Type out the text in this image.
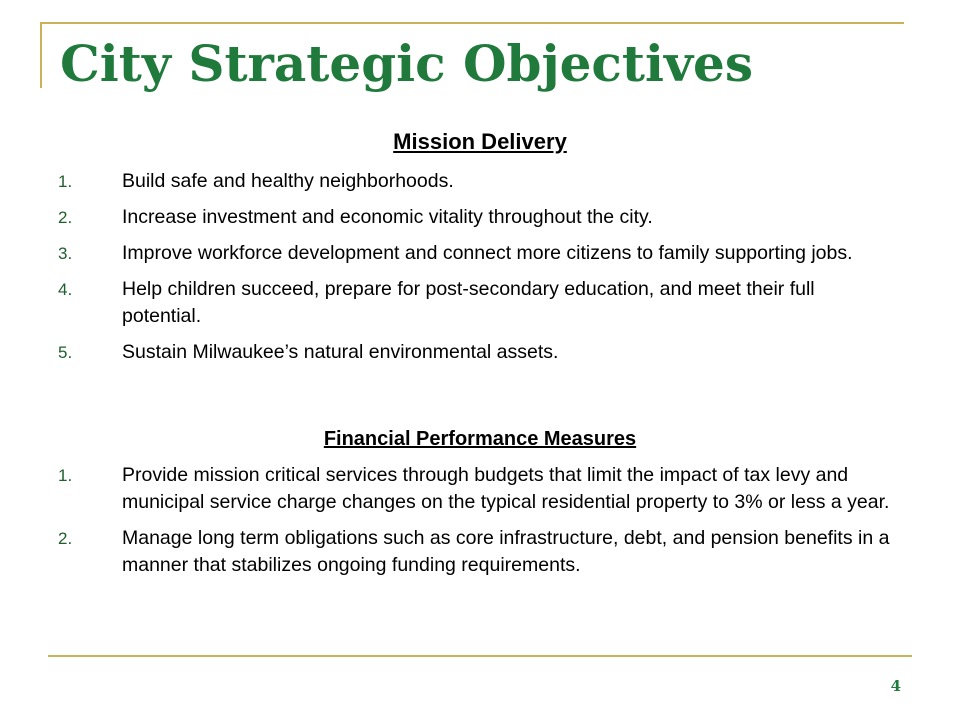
City Strategic Objectives
Mission Delivery
1.	Build safe and healthy neighborhoods.
2.	Increase investment and economic vitality throughout the city.
3.	Improve workforce development and connect more citizens to family supporting jobs.
4.	Help children succeed, prepare for post-secondary education, and meet their full potential.
5.	Sustain Milwaukee’s natural environmental assets.
Financial Performance Measures
1.	Provide mission critical services through budgets that limit the impact of tax levy and municipal service charge changes on the typical residential property to 3% or less a year.
2.	Manage long term obligations such as core infrastructure, debt, and pension benefits in a manner that stabilizes ongoing funding requirements.

4
